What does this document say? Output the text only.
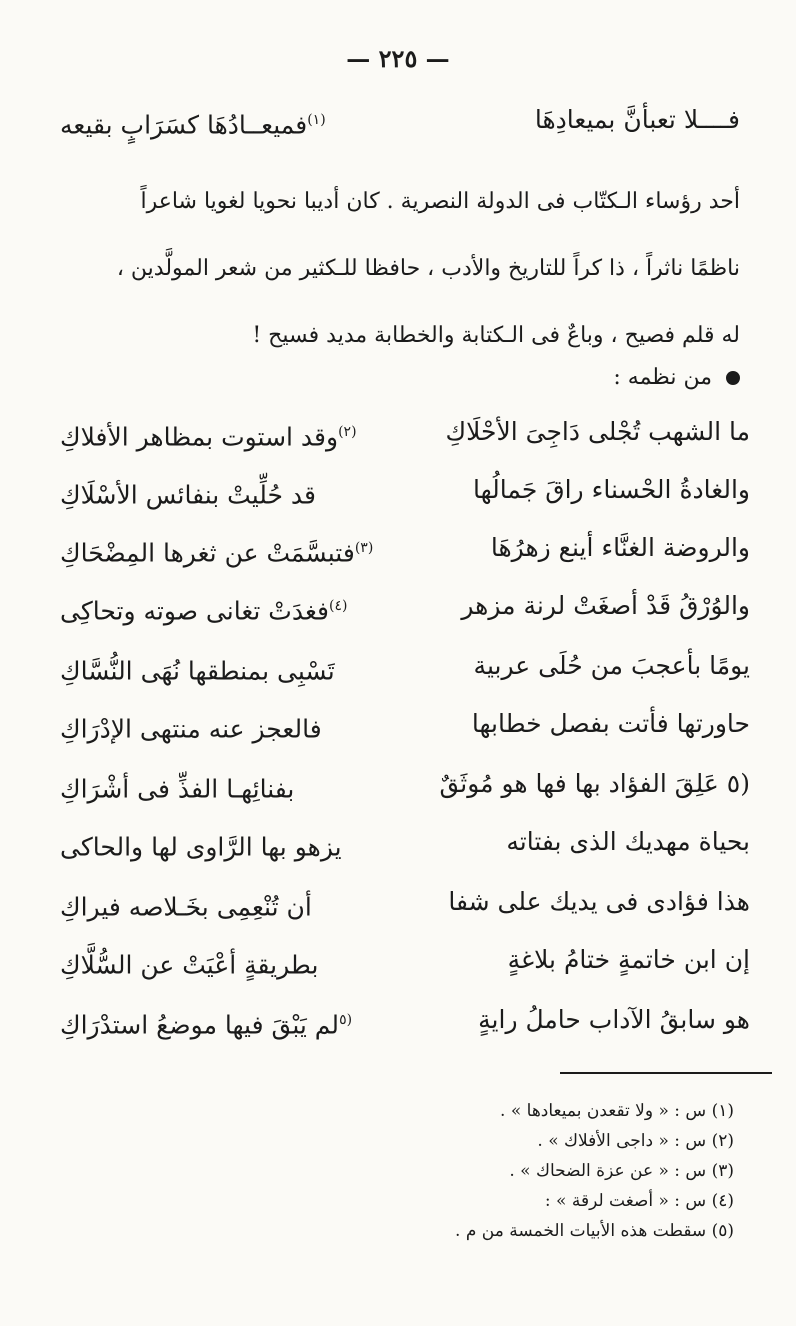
— ٢٢٥ —
فــــلا تعبأنَّ بميعادِهَا
$^{(١)}$فميعــادُهَا كسَرَابٍ بقيعه
أحد رؤساء الـكتّاب فى الدولة النصرية . كان أديبا نحويا لغويا شاعراً
ناظمًا ناثراً ، ذا كراً للتاريخ والأدب ، حافظا للـكثير من شعر المولَّدين ،
له قلم فصيح ، وباعٌ فى الـكتابة والخطابة مديد فسيح !
من نظمه :
ما الشهب تُجْلى دَاجِىَ الأحْلَاكِ
$^{(٢)}$وقد استوت بمظاهر الأفلاكِ
والغادةُ الحْسناء راقَ جَمالُها
قد حُلِّيتْ بنفائس الأسْلَاكِ
والروضة الغنَّاء أينع زهرُهَا
$^{(٣)}$فتبسَّمَتْ عن ثغرها المِضْحَاكِ
والوُرْقُ قَدْ أصغَتْ لرنة مزهر
$^{(٤)}$فغدَتْ تغانى صوته وتحاكِى
يومًا بأعجبَ من حُلَى عربية
تَسْبِى بمنطقها نُهَى النُّسَّاكِ
حاورتها فأتت بفصل خطابها
فالعجز عنه منتهى الإدْرَاكِ
(٥ عَلِقَ الفؤاد بها فها هو مُوثَقٌ
بفنائِهـا الفذِّ فى أشْرَاكِ
بحياة مهديك الذى بفتاته
يزهو بها الرَّاوى لها والحاكى
هذا فؤادى فى يديك على شفا
أن تُنْعِمِى بخَـلاصه فيراكِ
إن ابن خاتمةٍ ختامُ بلاغةٍ
بطريقةٍ أعْيَتْ عن السُّلَّاكِ
هو سابقُ الآداب حاملُ رايةٍ
$^{(٥}$لم يَبْقَ فيها موضعُ استدْرَاكِ
(١) س : « ولا تقعدن بميعادها » .
(٢) س : « داجى الأفلاك » .
(٣) س : « عن عزة الضحاك » .
(٤) س : « أصغت لرقة » :
(٥) سقطت هذه الأبيات الخمسة من م .
